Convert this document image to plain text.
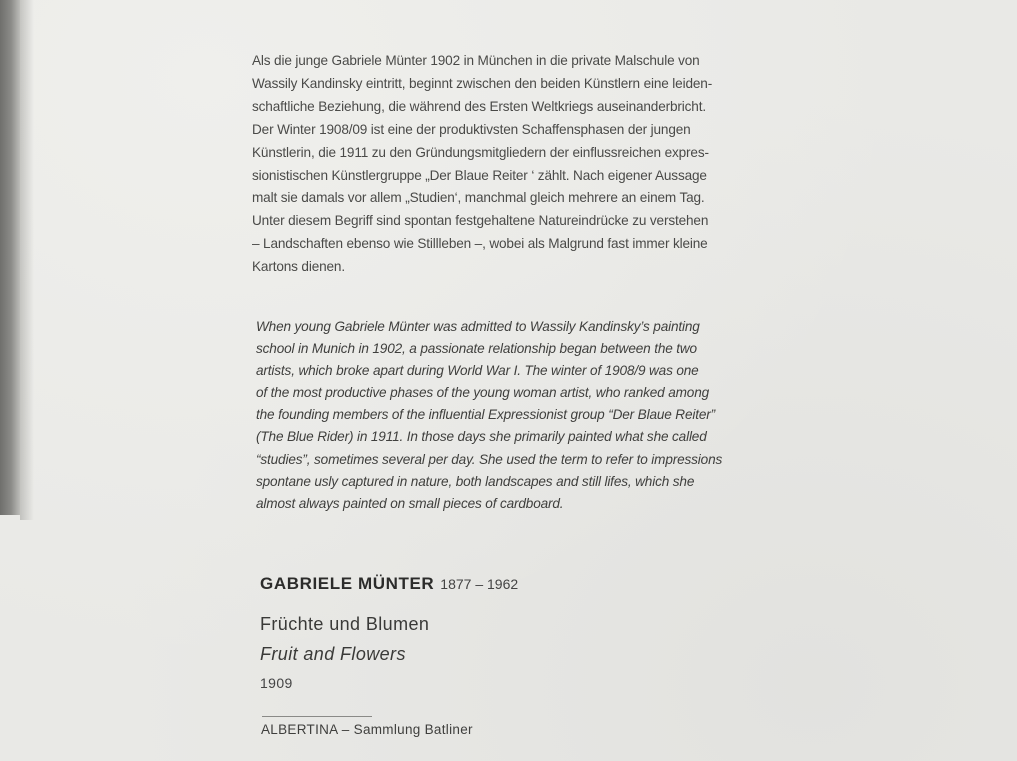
Als die junge Gabriele Münter 1902 in München in die private Malschule von
Wassily Kandinsky eintritt, beginnt zwischen den beiden Künstlern eine leiden-
schaftliche Beziehung, die während des Ersten Weltkriegs auseinanderbricht.
Der Winter 1908/09 ist eine der produktivsten Schaffensphasen der jungen
Künstlerin, die 1911 zu den Gründungsmitgliedern der einflussreichen expres-
sionistischen Künstlergruppe „Der Blaue Reiter ‘ zählt. Nach eigener Aussage
malt sie damals vor allem „Studien‘, manchmal gleich mehrere an einem Tag.
Unter diesem Begriff sind spontan festgehaltene Natureindrücke zu verstehen
– Landschaften ebenso wie Stillleben –, wobei als Malgrund fast immer kleine
Kartons dienen.

When young Gabriele Münter was admitted to Wassily Kandinsky’s painting
school in Munich in 1902, a passionate relationship began between the two
artists, which broke apart during World War I. The winter of 1908/9 was one
of the most productive phases of the young woman artist, who ranked among
the founding members of the influential Expressionist group “Der Blaue Reiter”
(The Blue Rider) in 1911. In those days she primarily painted what she called
“studies”, sometimes several per day. She used the term to refer to impressions
spontane usly captured in nature, both landscapes and still lifes, which she
almost always painted on small pieces of cardboard.

GABRIELE MÜNTER 1877 – 1962
Früchte und Blumen
Fruit and Flowers
1909
ALBERTINA – Sammlung Batliner
